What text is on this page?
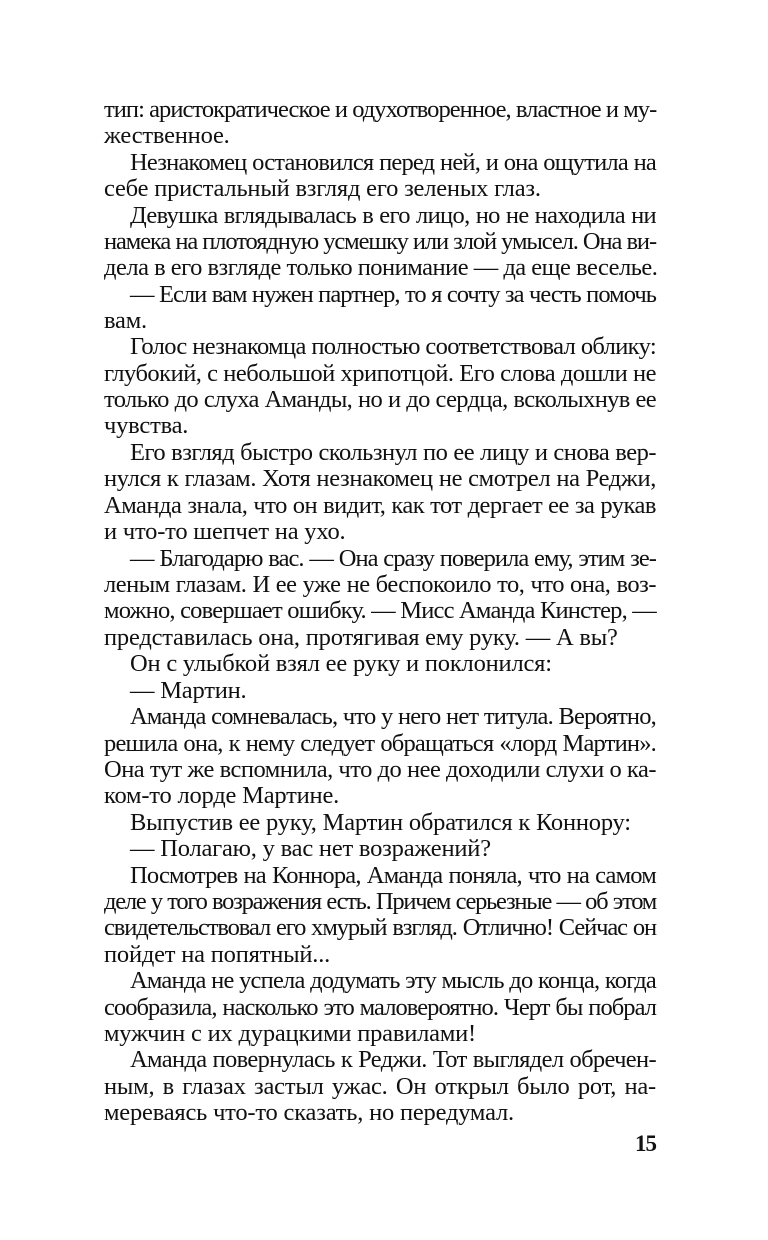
тип: аристократическое и одухотворенное, властное и му-
жественное.
Незнакомец остановился перед ней, и она ощутила на
себе пристальный взгляд его зеленых глаз.
Девушка вглядывалась в его лицо, но не находила ни
намека на плотоядную усмешку или злой умысел. Она ви-
дела в его взгляде только понимание — да еще веселье.
— Если вам нужен партнер, то я сочту за честь помочь
вам.
Голос незнакомца полностью соответствовал облику:
глубокий, с небольшой хрипотцой. Его слова дошли не
только до слуха Аманды, но и до сердца, всколыхнув ее
чувства.
Его взгляд быстро скользнул по ее лицу и снова вер-
нулся к глазам. Хотя незнакомец не смотрел на Реджи,
Аманда знала, что он видит, как тот дергает ее за рукав
и что-то шепчет на ухо.
— Благодарю вас. — Она сразу поверила ему, этим зе-
леным глазам. И ее уже не беспокоило то, что она, воз-
можно, совершает ошибку. — Мисс Аманда Кинстер, —
представилась она, протягивая ему руку. — А вы?
Он с улыбкой взял ее руку и поклонился:
— Мартин.
Аманда сомневалась, что у него нет титула. Вероятно,
решила она, к нему следует обращаться «лорд Мартин».
Она тут же вспомнила, что до нее доходили слухи о ка-
ком-то лорде Мартине.
Выпустив ее руку, Мартин обратился к Коннору:
— Полагаю, у вас нет возражений?
Посмотрев на Коннора, Аманда поняла, что на самом
деле у того возражения есть. Причем серьезные — об этом
свидетельствовал его хмурый взгляд. Отлично! Сейчас он
пойдет на попятный...
Аманда не успела додумать эту мысль до конца, когда
сообразила, насколько это маловероятно. Черт бы побрал
мужчин с их дурацкими правилами!
Аманда повернулась к Реджи. Тот выглядел обречен-
ным, в глазах застыл ужас. Он открыл было рот, на-
мереваясь что-то сказать, но передумал.
15
